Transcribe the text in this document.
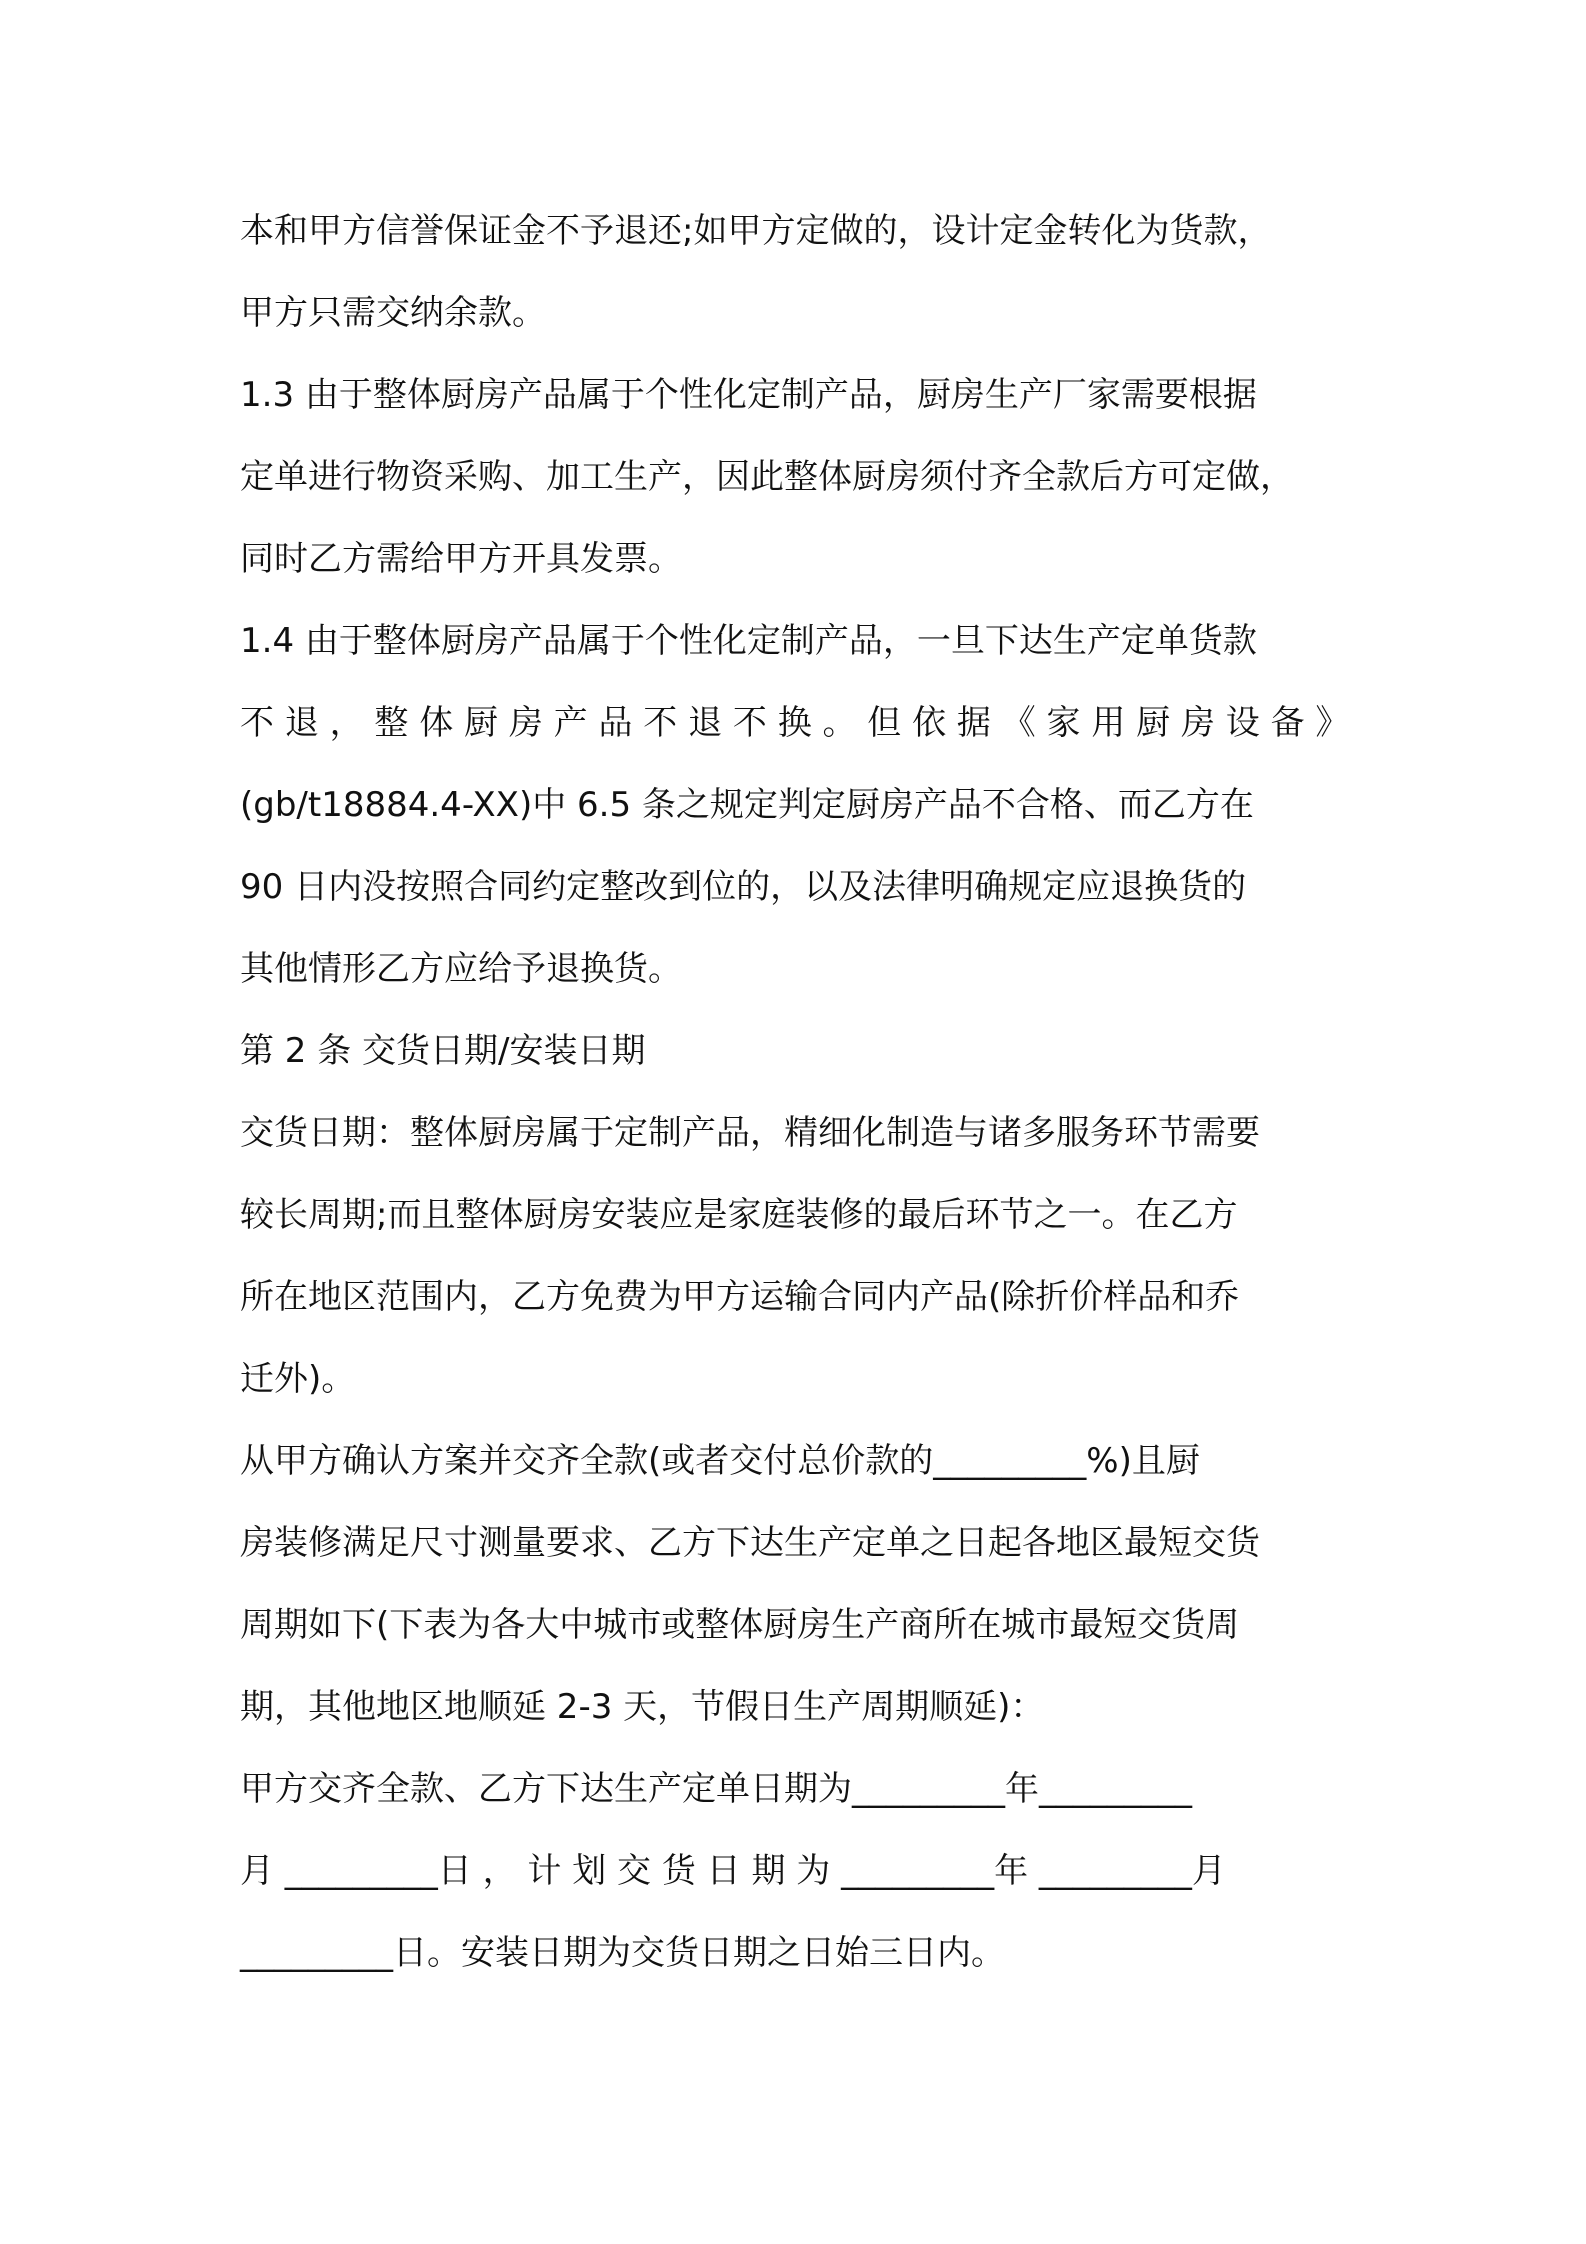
本和甲方信誉保证金不予退还;如甲方定做的，设计定金转化为货款，
甲方只需交纳余款。
1.3 由于整体厨房产品属于个性化定制产品，厨房生产厂家需要根据
定单进行物资采购、加工生产，因此整体厨房须付齐全款后方可定做，
同时乙方需给甲方开具发票。
1.4 由于整体厨房产品属于个性化定制产品，一旦下达生产定单货款
不 退 ， 整 体 厨 房 产 品 不 退 不 换 。 但 依 据 《 家 用 厨 房 设 备 》
(gb/t18884.4-XX)中 6.5 条之规定判定厨房产品不合格、而乙方在
90 日内没按照合同约定整改到位的，以及法律明确规定应退换货的
其他情形乙方应给予退换货。
第 2 条 交货日期/安装日期
交货日期：整体厨房属于定制产品，精细化制造与诸多服务环节需要
较长周期;而且整体厨房安装应是家庭装修的最后环节之一。在乙方
所在地区范围内，乙方免费为甲方运输合同内产品(除折价样品和乔
迁外)。
从甲方确认方案并交齐全款(或者交付总价款的_________%)且厨
房装修满足尺寸测量要求、乙方下达生产定单之日起各地区最短交货
周期如下(下表为各大中城市或整体厨房生产商所在城市最短交货周
期，其他地区地顺延 2-3 天，节假日生产周期顺延)：
甲方交齐全款、乙方下达生产定单日期为_________年_________
月 _________日 ， 计 划 交 货 日 期 为 _________年 _________月
_________日。安装日期为交货日期之日始三日内。
